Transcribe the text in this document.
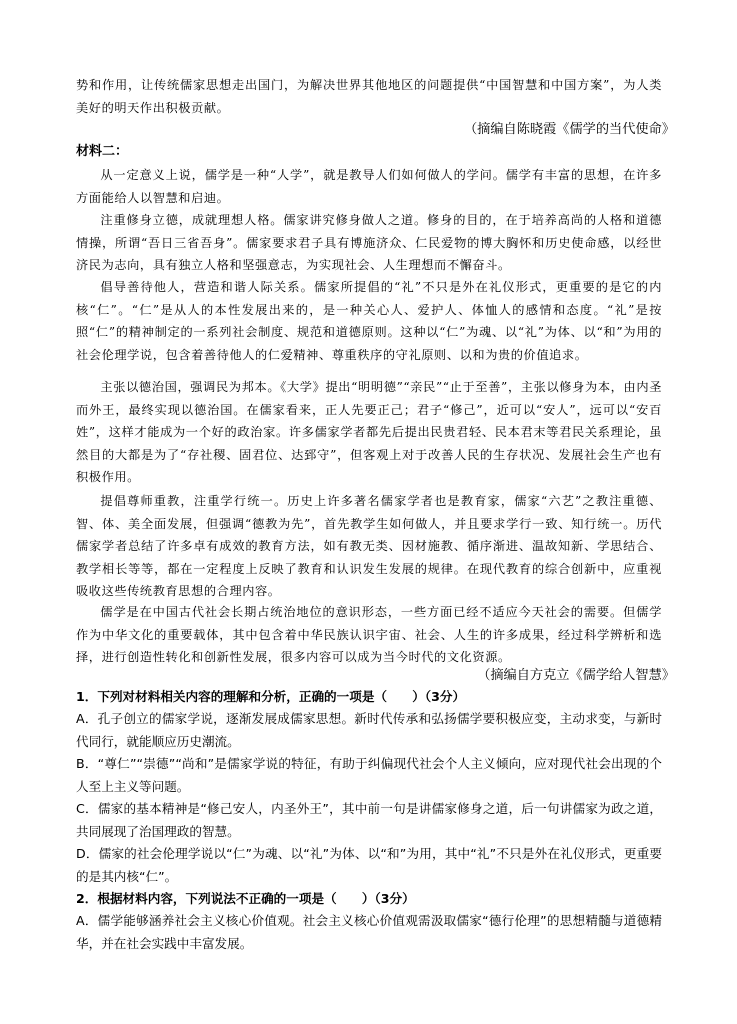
势和作用，让传统儒家思想走出国门，为解决世界其他地区的问题提供“中国智慧和中国方案”，为人类美好的明天作出积极贡献。

（摘编自陈晓霞《儒学的当代使命》
材料二：

从一定意义上说，儒学是一种“人学”，就是教导人们如何做人的学问。儒学有丰富的思想，在许多方面能给人以智慧和启迪。

注重修身立德，成就理想人格。儒家讲究修身做人之道。修身的目的，在于培养高尚的人格和道德情操，所谓“吾日三省吾身”。儒家要求君子具有博施济众、仁民爱物的博大胸怀和历史使命感，以经世济民为志向，具有独立人格和坚强意志，为实现社会、人生理想而不懈奋斗。

倡导善待他人，营造和谐人际关系。儒家所提倡的“礼”不只是外在礼仪形式，更重要的是它的内核“仁”。“仁”是从人的本性发展出来的，是一种关心人、爱护人、体恤人的感情和态度。“礼”是按照“仁”的精神制定的一系列社会制度、规范和道德原则。这种以“仁”为魂、以“礼”为体、以“和”为用的社会伦理学说，包含着善待他人的仁爱精神、尊重秩序的守礼原则、以和为贵的价值追求。

主张以德治国，强调民为邦本。《大学》提出“明明德”“亲民”“止于至善”，主张以修身为本，由内圣而外王，最终实现以德治国。在儒家看来，正人先要正己；君子“修己”，近可以“安人”，远可以“安百姓”，这样才能成为一个好的政治家。许多儒家学者都先后提出民贵君轻、民本君末等君民关系理论，虽然目的大都是为了“存社稷、固君位、达郅守”，但客观上对于改善人民的生存状况、发展社会生产也有积极作用。

提倡尊师重教，注重学行统一。历史上许多著名儒家学者也是教育家，儒家“六艺”之教注重德、智、体、美全面发展，但强调“德教为先”，首先教学生如何做人，并且要求学行一致、知行统一。历代儒家学者总结了许多卓有成效的教育方法，如有教无类、因材施教、循序渐进、温故知新、学思结合、教学相长等等，都在一定程度上反映了教育和认识发生发展的规律。在现代教育的综合创新中，应重视吸收这些传统教育思想的合理内容。

儒学是在中国古代社会长期占统治地位的意识形态，一些方面已经不适应今天社会的需要。但儒学作为中华文化的重要载体，其中包含着中华民族认识宇宙、社会、人生的许多成果，经过科学辨析和选择，进行创造性转化和创新性发展，很多内容可以成为当今时代的文化资源。

（摘编自方克立《儒学给人智慧》
1．下列对材料相关内容的理解和分析，正确的一项是（　　）（3分）

A．孔子创立的儒家学说，逐渐发展成儒家思想。新时代传承和弘扬儒学要积极应变，主动求变，与新时代同行，就能顺应历史潮流。

B．“尊仁”“崇德”“尚和”是儒家学说的特征，有助于纠偏现代社会个人主义倾向，应对现代社会出现的个人至上主义等问题。

C．儒家的基本精神是“修己安人，内圣外王”，其中前一句是讲儒家修身之道，后一句讲儒家为政之道，共同展现了治国理政的智慧。

D．儒家的社会伦理学说以“仁”为魂、以“礼”为体、以“和”为用，其中“礼”不只是外在礼仪形式，更重要的是其内核“仁”。

2．根据材料内容，下列说法不正确的一项是（　　）（3分）

A．儒学能够涵养社会主义核心价值观。社会主义核心价值观需汲取儒家“德行伦理”的思想精髓与道德精华，并在社会实践中丰富发展。
